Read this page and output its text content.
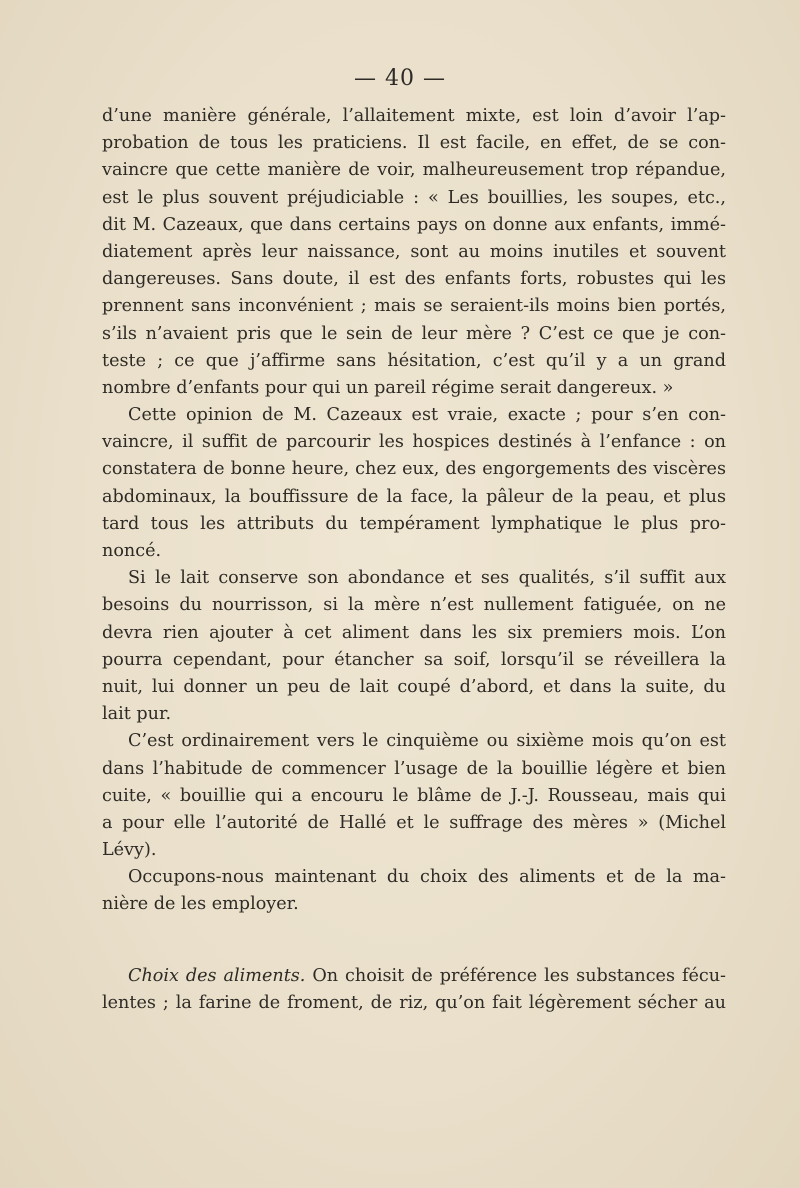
— 40 —
d’une manière générale, l’allaitement mixte, est loin d’avoir l’ap-
probation de tous les praticiens. Il est facile, en effet, de se con-
vaincre que cette manière de voir, malheureusement trop répandue,
est le plus souvent préjudiciable : « Les bouillies, les soupes, etc.,
dit M. Cazeaux, que dans certains pays on donne aux enfants, immé-
diatement après leur naissance, sont au moins inutiles et souvent
dangereuses. Sans doute, il est des enfants forts, robustes qui les
prennent sans inconvénient ; mais se seraient-ils moins bien portés,
s’ils n’avaient pris que le sein de leur mère ? C’est ce que je con-
teste ; ce que j’affirme sans hésitation, c’est qu’il y a un grand
nombre d’enfants pour qui un pareil régime serait dangereux. »
Cette opinion de M. Cazeaux est vraie, exacte ; pour s’en con-
vaincre, il suffit de parcourir les hospices destinés à l’enfance : on
constatera de bonne heure, chez eux, des engorgements des viscères
abdominaux, la bouffissure de la face, la pâleur de la peau, et plus
tard tous les attributs du tempérament lymphatique le plus pro-
noncé.
Si le lait conserve son abondance et ses qualités, s’il suffit aux
besoins du nourrisson, si la mère n’est nullement fatiguée, on ne
devra rien ajouter à cet aliment dans les six premiers mois. L’on
pourra cependant, pour étancher sa soif, lorsqu’il se réveillera la
nuit, lui donner un peu de lait coupé d’abord, et dans la suite, du
lait pur.
C’est ordinairement vers le cinquième ou sixième mois qu’on est
dans l’habitude de commencer l’usage de la bouillie légère et bien
cuite, « bouillie qui a encouru le blâme de J.-J. Rousseau, mais qui
a pour elle l’autorité de Hallé et le suffrage des mères » (Michel
Lévy).
Occupons-nous maintenant du choix des aliments et de la ma-
nière de les employer.
Choix des aliments. On choisit de préférence les substances fécu-
lentes ; la farine de froment, de riz, qu’on fait légèrement sécher au
